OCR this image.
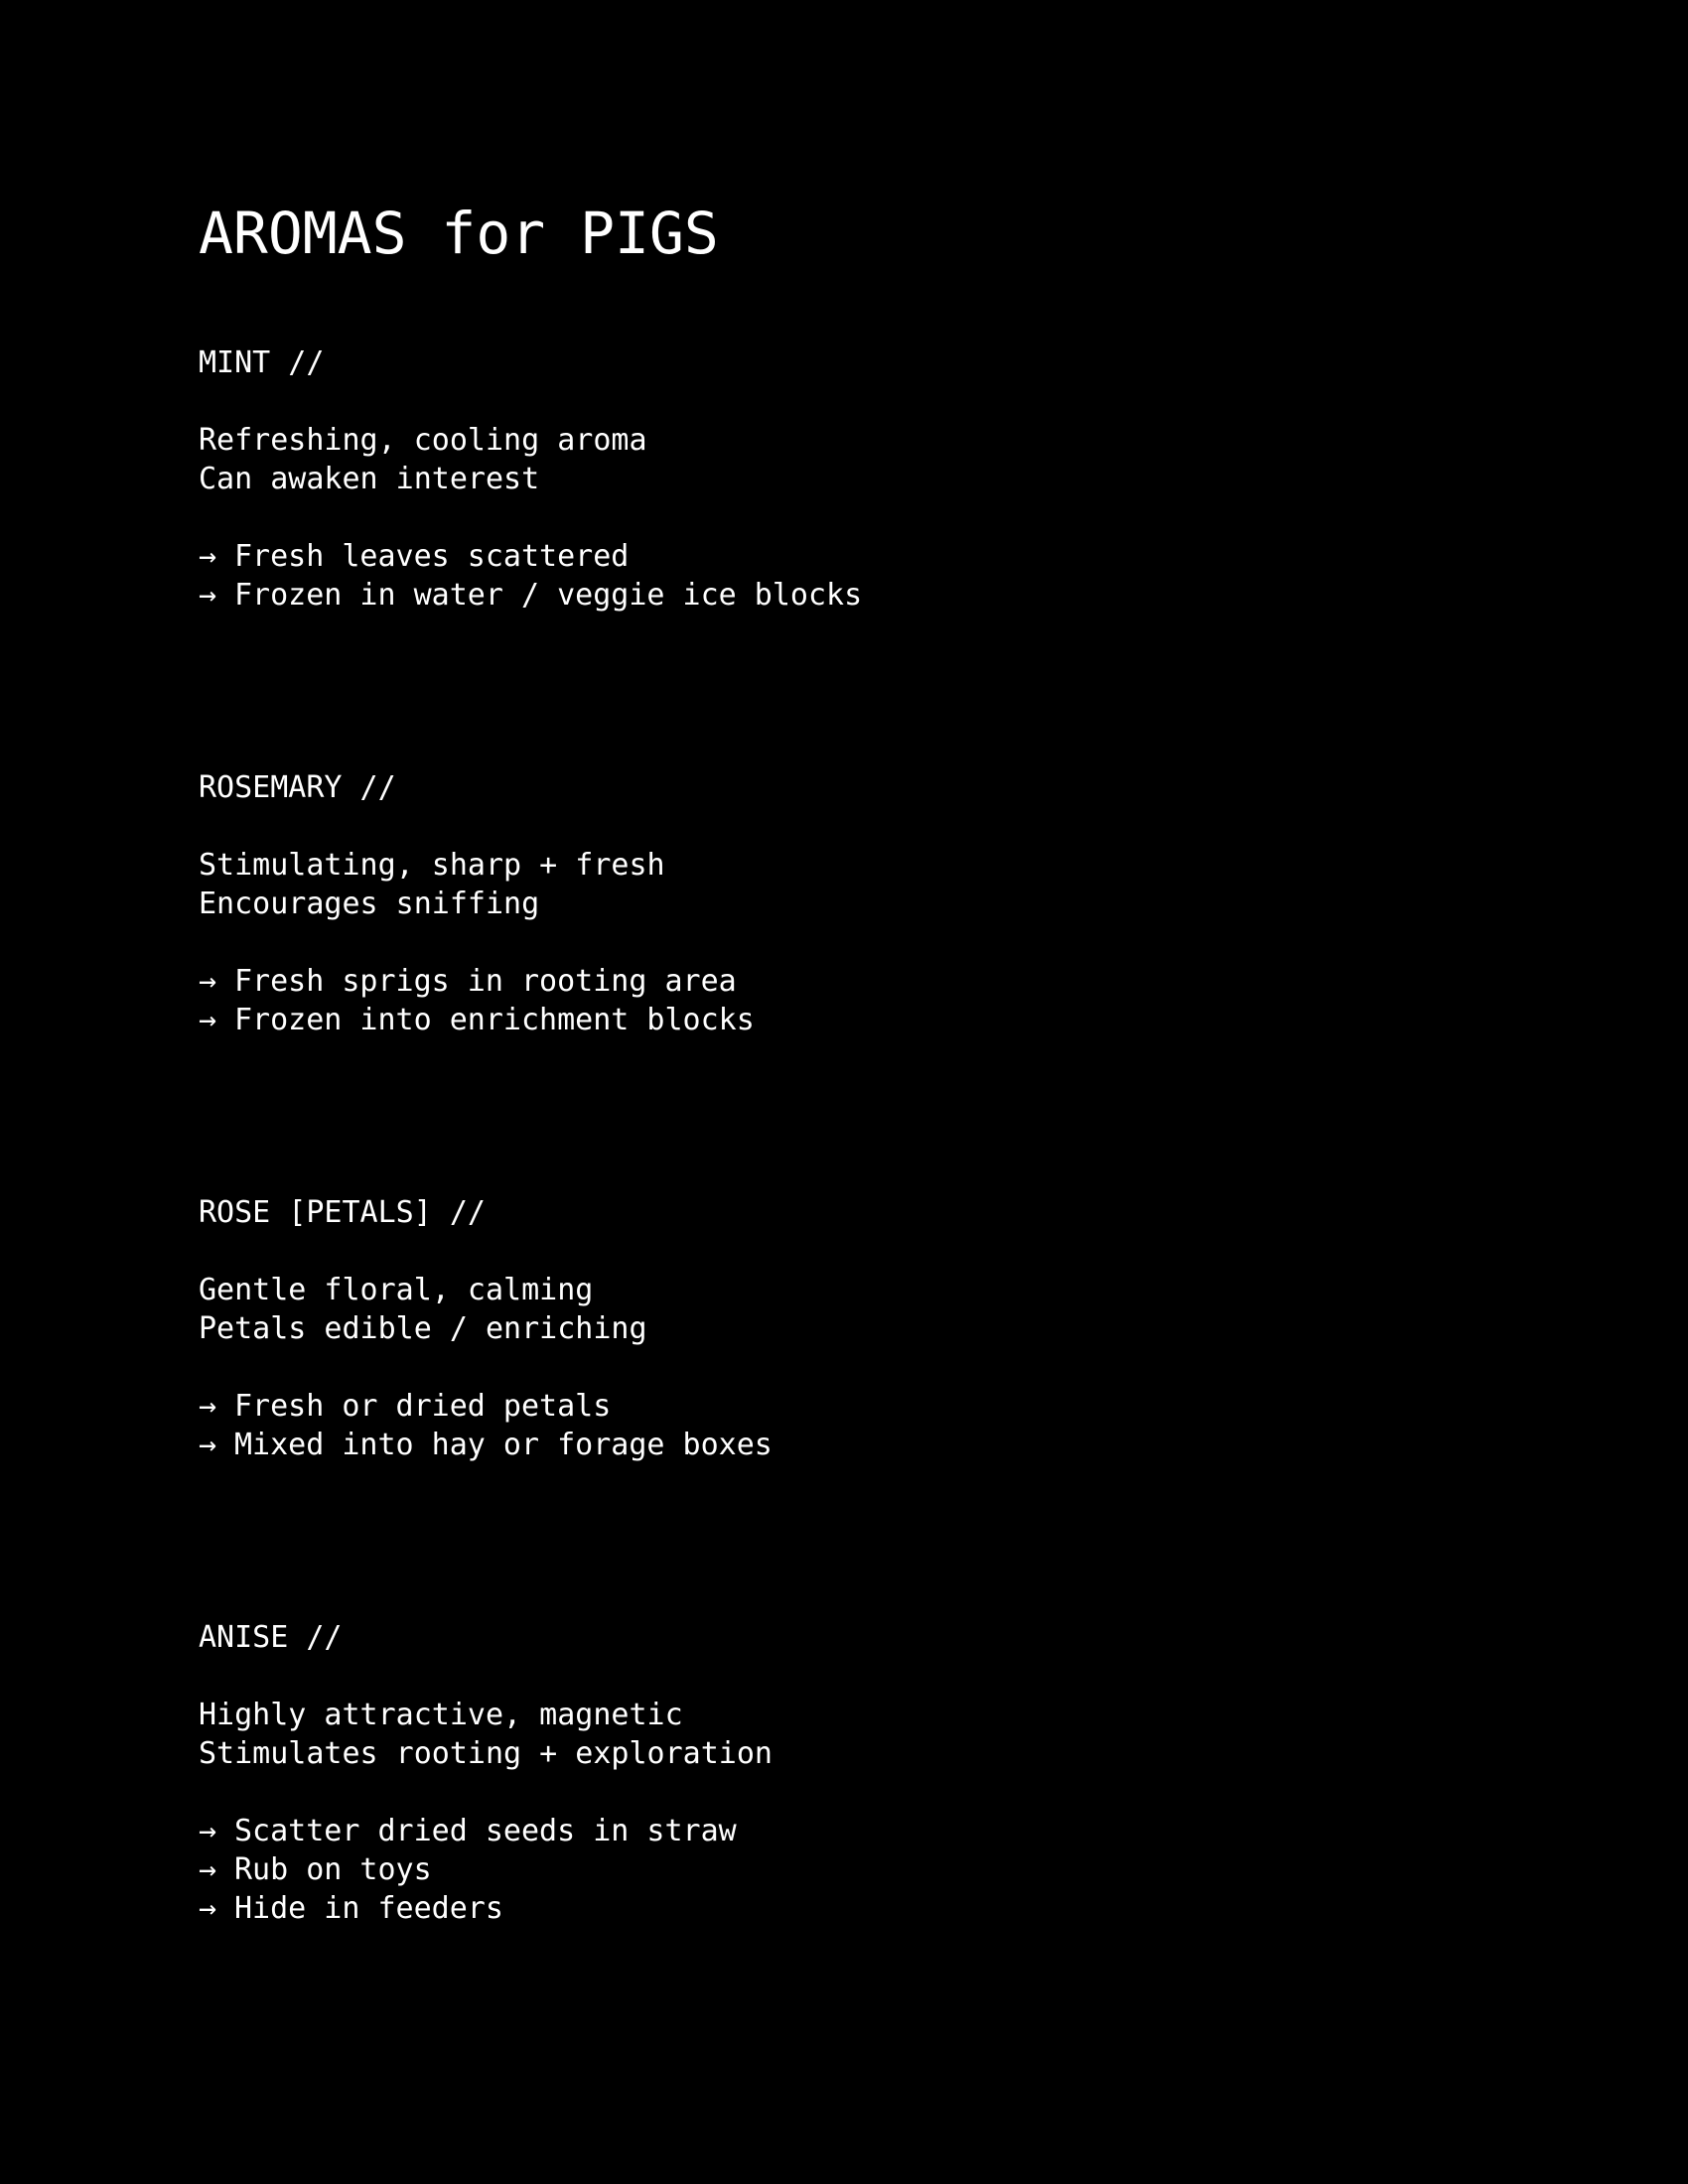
AROMAS for PIGS
MINT //
Refreshing, cooling aroma
Can awaken interest
→ Fresh leaves scattered
→ Frozen in water / veggie ice blocks
ROSEMARY //
Stimulating, sharp + fresh
Encourages sniffing
→ Fresh sprigs in rooting area
→ Frozen into enrichment blocks
ROSE [PETALS] //
Gentle floral, calming
Petals edible / enriching
→ Fresh or dried petals
→ Mixed into hay or forage boxes
ANISE //
Highly attractive, magnetic
Stimulates rooting + exploration
→ Scatter dried seeds in straw
→ Rub on toys
→ Hide in feeders
